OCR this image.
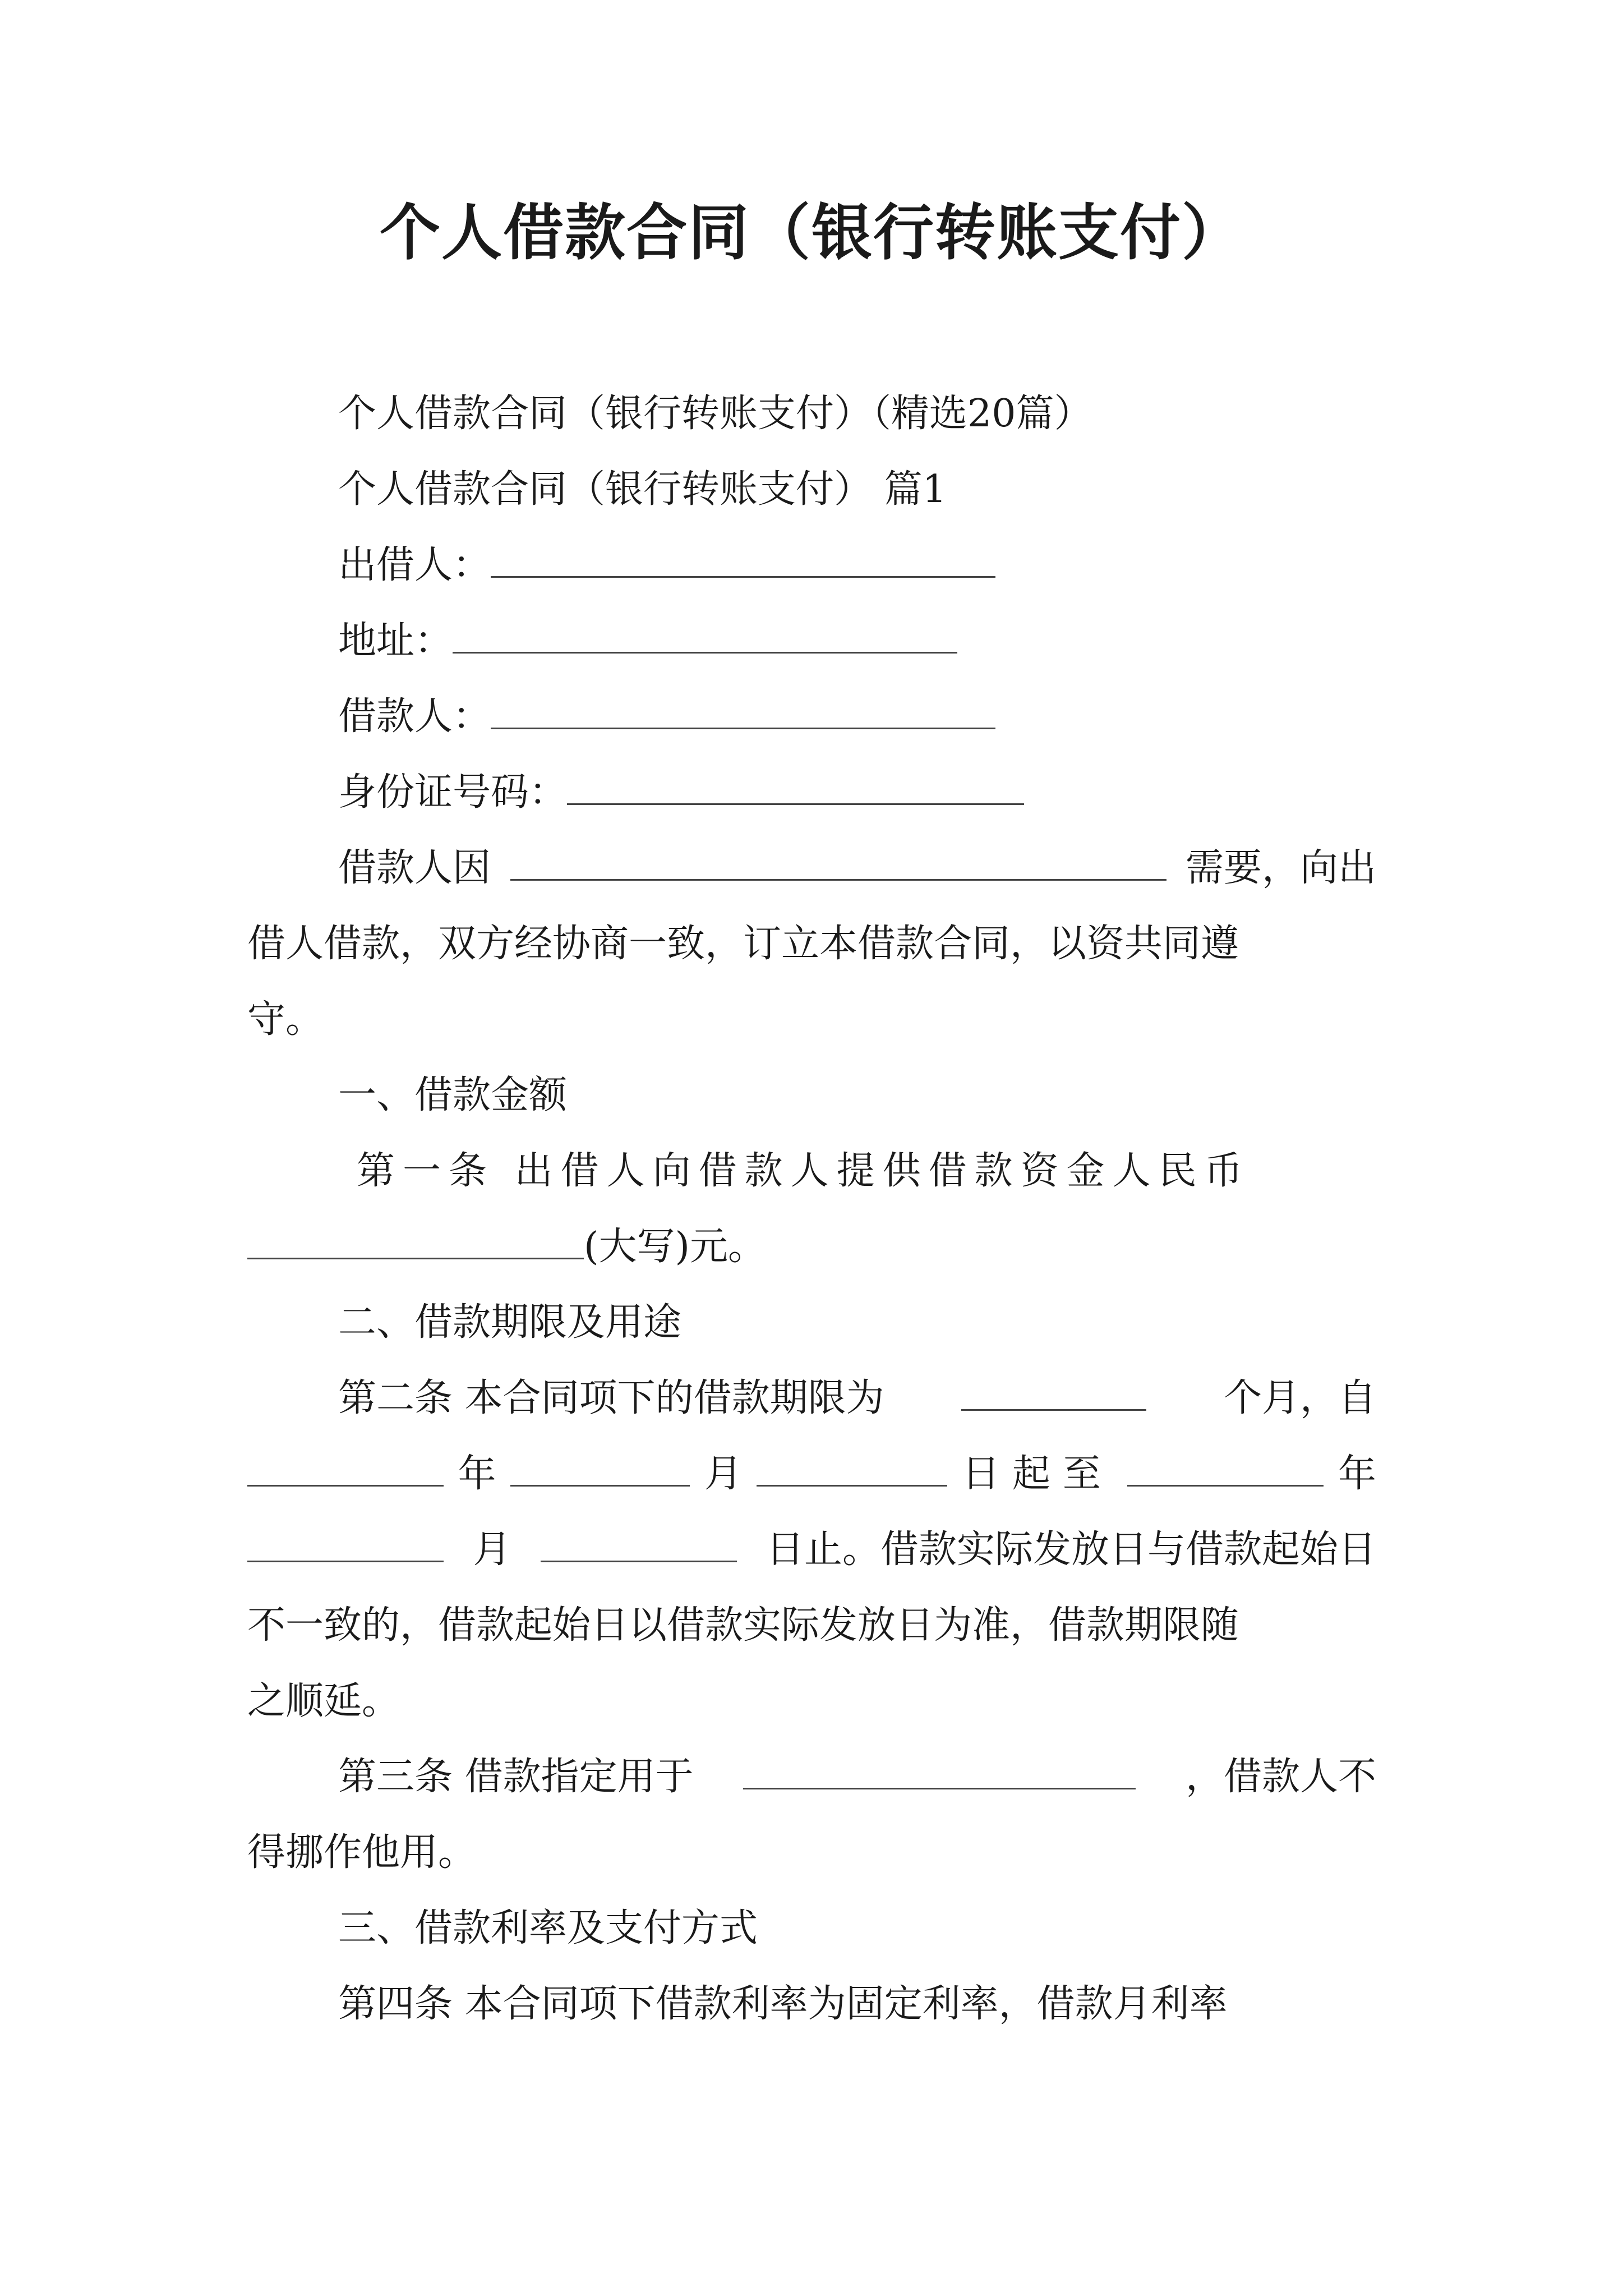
个人借款合同（银行转账支付）
个人借款合同（银行转账支付）（精选20篇）
个人借款合同（银行转账支付） 篇1
出借人：
地址：
借款人：
身份证号码：
借款人因	需要，向出
借人借款，双方经协商一致，订立本借款合同，以资共同遵
守。
一、借款金额
第一条 出借人向借款人提供借款资金人民币
(大写)元。
二、借款期限及用途
第二条 本合同项下的借款期限为	个月，自
年	月	日起至	年
月	日止。借款实际发放日与借款起始日
不一致的，借款起始日以借款实际发放日为准，借款期限随
之顺延。
第三条 借款指定用于	，借款人不
得挪作他用。
三、借款利率及支付方式
第四条 本合同项下借款利率为固定利率，借款月利率
